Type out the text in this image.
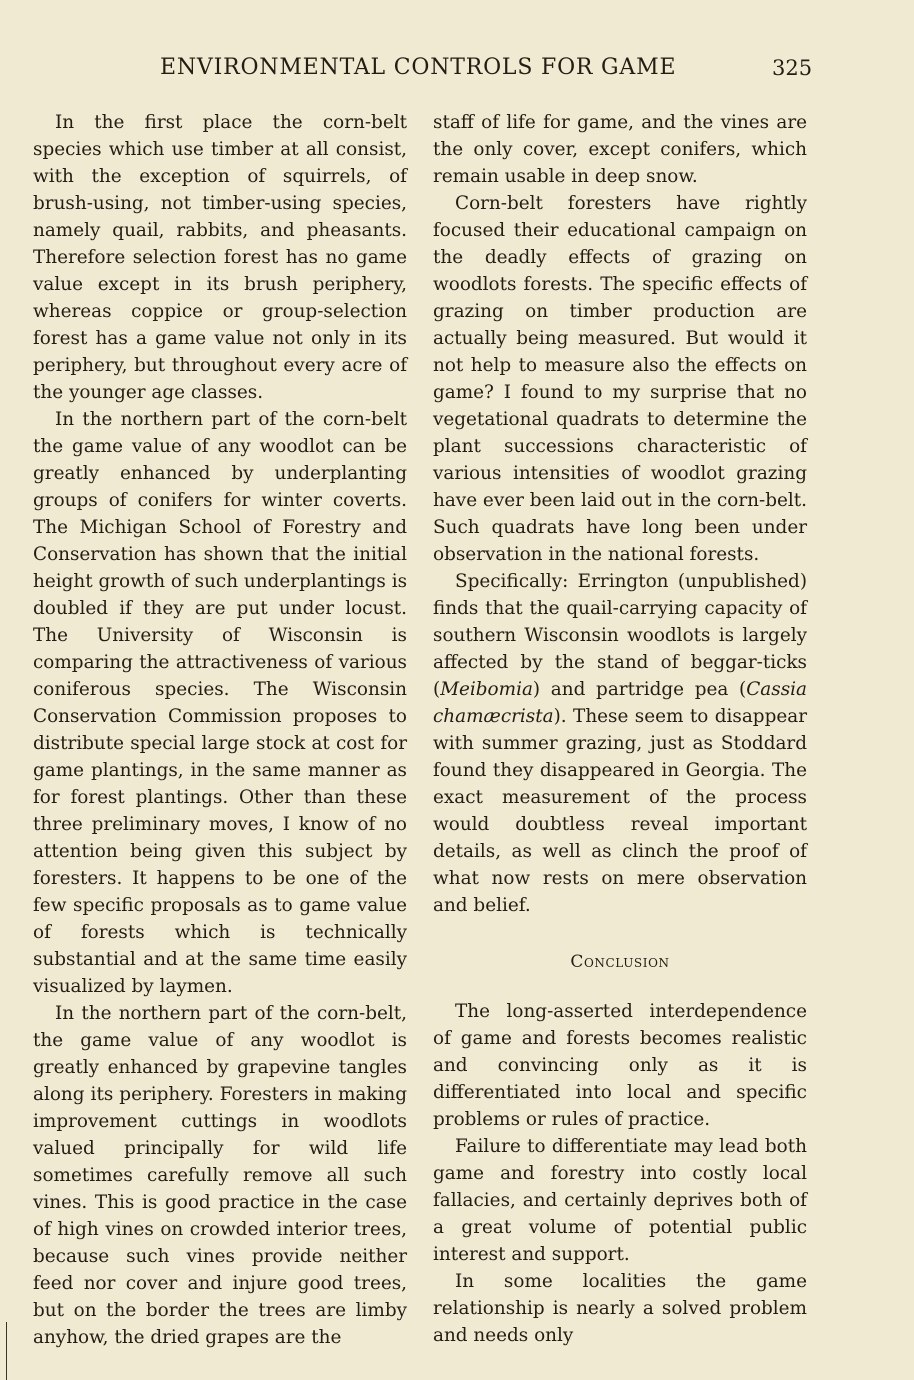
ENVIRONMENTAL CONTROLS FOR GAME	325

In the first place the corn-belt species which use timber at all consist, with the exception of squirrels, of brush-using, not timber-using species, namely quail, rabbits, and pheasants. Therefore selection forest has no game value except in its brush periphery, whereas coppice or group-selection forest has a game value not only in its periphery, but throughout every acre of the younger age classes.

In the northern part of the corn-belt the game value of any woodlot can be greatly enhanced by underplanting groups of conifers for winter coverts. The Michigan School of Forestry and Conservation has shown that the initial height growth of such underplantings is doubled if they are put under locust. The University of Wisconsin is comparing the attractiveness of various coniferous species. The Wisconsin Conservation Commission proposes to distribute special large stock at cost for game plantings, in the same manner as for forest plantings. Other than these three preliminary moves, I know of no attention being given this subject by foresters. It happens to be one of the few specific proposals as to game value of forests which is technically substantial and at the same time easily visualized by laymen.

In the northern part of the corn-belt, the game value of any woodlot is greatly enhanced by grapevine tangles along its periphery. Foresters in making improvement cuttings in woodlots valued principally for wild life sometimes carefully remove all such vines. This is good practice in the case of high vines on crowded interior trees, because such vines provide neither feed nor cover and injure good trees, but on the border the trees are limby anyhow, the dried grapes are the

staff of life for game, and the vines are the only cover, except conifers, which remain usable in deep snow.

Corn-belt foresters have rightly focused their educational campaign on the deadly effects of grazing on woodlots forests. The specific effects of grazing on timber production are actually being measured. But would it not help to measure also the effects on game? I found to my surprise that no vegetational quadrats to determine the plant successions characteristic of various intensities of woodlot grazing have ever been laid out in the corn-belt. Such quadrats have long been under observation in the national forests.

Specifically: Errington (unpublished) finds that the quail-carrying capacity of southern Wisconsin woodlots is largely affected by the stand of beggar-ticks (Meibomia) and partridge pea (Cassia chamæcrista). These seem to disappear with summer grazing, just as Stoddard found they disappeared in Georgia. The exact measurement of the process would doubtless reveal important details, as well as clinch the proof of what now rests on mere observation and belief.

Conclusion

The long-asserted interdependence of game and forests becomes realistic and convincing only as it is differentiated into local and specific problems or rules of practice.

Failure to differentiate may lead both game and forestry into costly local fallacies, and certainly deprives both of a great volume of potential public interest and support.

In some localities the game relationship is nearly a solved problem and needs only
